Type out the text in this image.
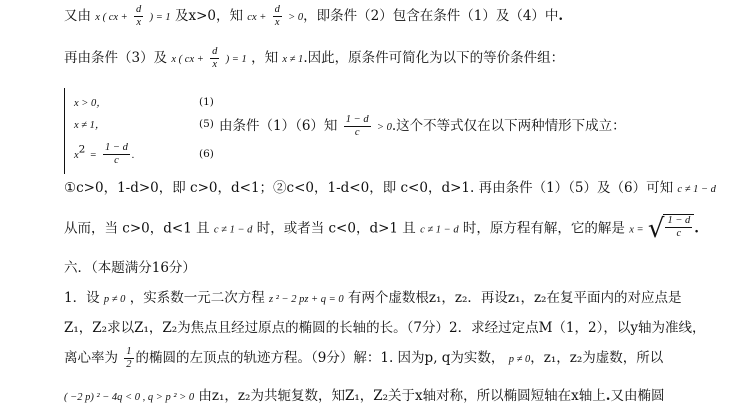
又由 x ( cx + $\frac{d}{x}$ ) = 1 及x>0，知 cx + $\frac{d}{x} > 0$，即条件（2）包含在条件（1）及（4）中.
再由条件（3）及 x ( cx + $\frac{d}{x}$ ) = 1 ，知 x ≠ 1.因此，原条件可简化为以下的等价条件组：
x > 0，	(1)
x ≠ 1，	(5)
$x^2 = \frac{1 - d}{c}$ .	(6)
由条件（1）（6）知 $\frac{1 - d}{c} > 0$.这个不等式仅在以下两种情形下成立：
①c>0，1-d>0，即 c>0，d<1；②c<0，1-d<0，即 c<0，d>1. 再由条件（1）（5）及（6）可知 c ≠ 1 − d
从而，当 c>0，d<1 且 c ≠ 1 − d 时，或者当 c<0，d>1 且 c ≠ 1 − d 时，原方程有解，它的解是 x = √ $\frac{1 - d}{c}$ .
六．（本题满分16分）
1．设 p ≠ 0 ，实系数一元二次方程 z ² − 2 pz + q = 0 有两个虚数根z₁，z₂．再设z₁，z₂在复平面内的对应点是
Z₁，Z₂求以Z₁，Z₂为焦点且经过原点的椭圆的长轴的长。（7分）2．求经过定点M（1，2），以y轴为准线，
离心率为 $\frac{1}{2}$ 的椭圆的左顶点的轨迹方程。（9分）解：1. 因为p, q为实数， p ≠ 0，z₁，z₂为虚数，所以
( −2 p) ² − 4q < 0 , q > p ² > 0 由z₁，z₂为共轭复数，知Z₁，Z₂关于x轴对称，所以椭圆短轴在x轴上.又由椭圆
